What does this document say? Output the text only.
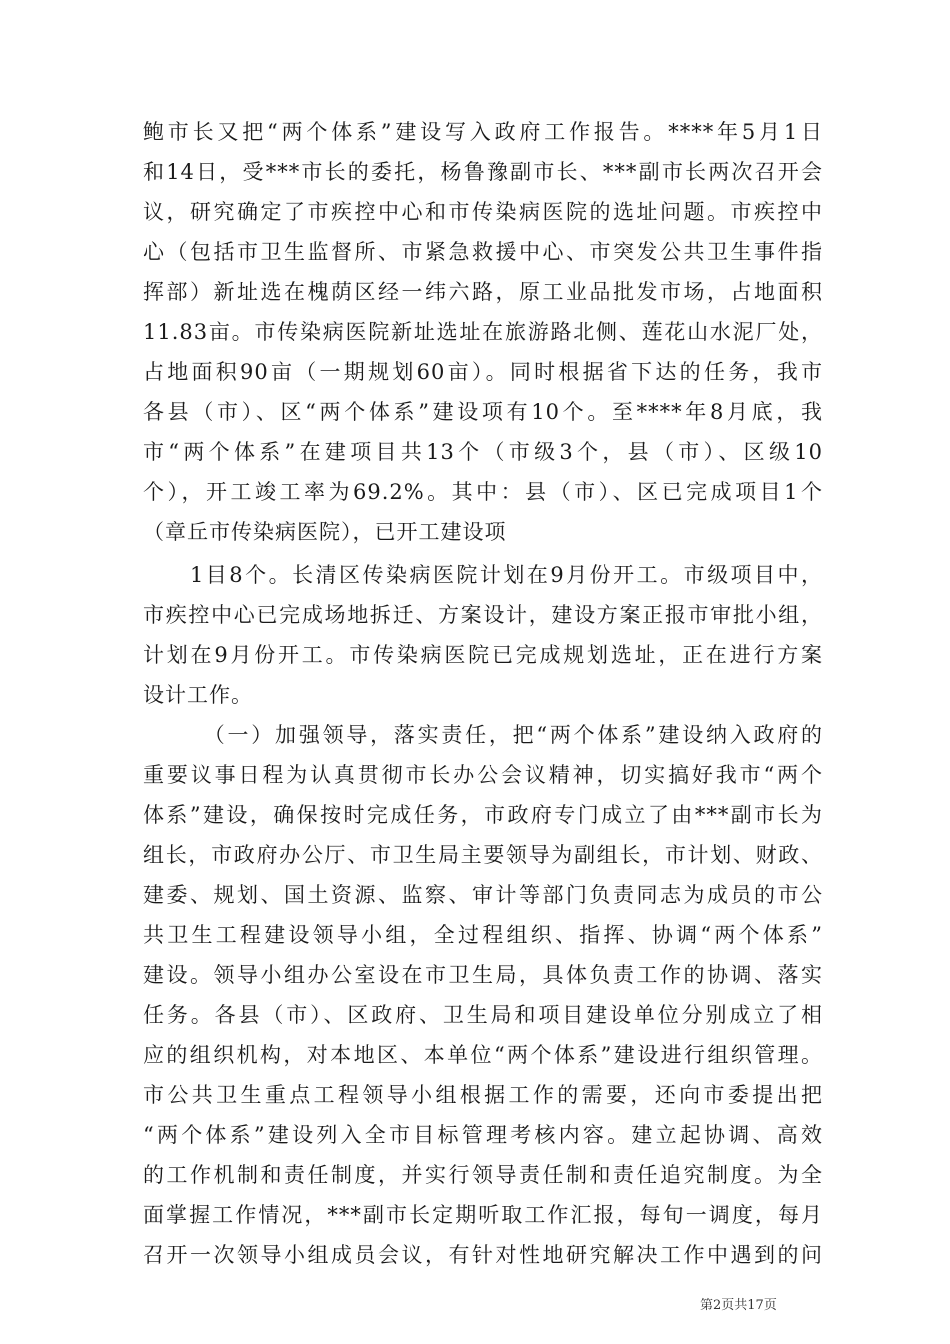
鲍市长又把“两个体系”建设写入政府工作报告。****年5月1日
和14日，受***市长的委托，杨鲁豫副市长、***副市长两次召开会
议，研究确定了市疾控中心和市传染病医院的选址问题。市疾控中
心（包括市卫生监督所、市紧急救援中心、市突发公共卫生事件指
挥部）新址选在槐荫区经一纬六路，原工业品批发市场，占地面积
11.83亩。市传染病医院新址选址在旅游路北侧、莲花山水泥厂处，
占地面积90亩（一期规划60亩）。同时根据省下达的任务，我市
各县（市）、区“两个体系”建设项有10个。至****年8月底，我
市“两个体系”在建项目共13个（市级3个，县（市）、区级10
个），开工竣工率为69.2%。其中：县（市）、区已完成项目1个
（章丘市传染病医院），已开工建设项
　　1目8个。长清区传染病医院计划在9月份开工。市级项目中，
市疾控中心已完成场地拆迁、方案设计，建设方案正报市审批小组，
计划在9月份开工。市传染病医院已完成规划选址，正在进行方案
设计工作。
　　　（一）加强领导，落实责任，把“两个体系”建设纳入政府的
重要议事日程为认真贯彻市长办公会议精神，切实搞好我市“两个
体系”建设，确保按时完成任务，市政府专门成立了由***副市长为
组长，市政府办公厅、市卫生局主要领导为副组长，市计划、财政、
建委、规划、国土资源、监察、审计等部门负责同志为成员的市公
共卫生工程建设领导小组，全过程组织、指挥、协调“两个体系”
建设。领导小组办公室设在市卫生局，具体负责工作的协调、落实
任务。各县（市）、区政府、卫生局和项目建设单位分别成立了相
应的组织机构，对本地区、本单位“两个体系”建设进行组织管理。
市公共卫生重点工程领导小组根据工作的需要，还向市委提出把
“两个体系”建设列入全市目标管理考核内容。建立起协调、高效
的工作机制和责任制度，并实行领导责任制和责任追究制度。为全
面掌握工作情况，***副市长定期听取工作汇报，每旬一调度，每月
召开一次领导小组成员会议，有针对性地研究解决工作中遇到的问
第2页共17页
